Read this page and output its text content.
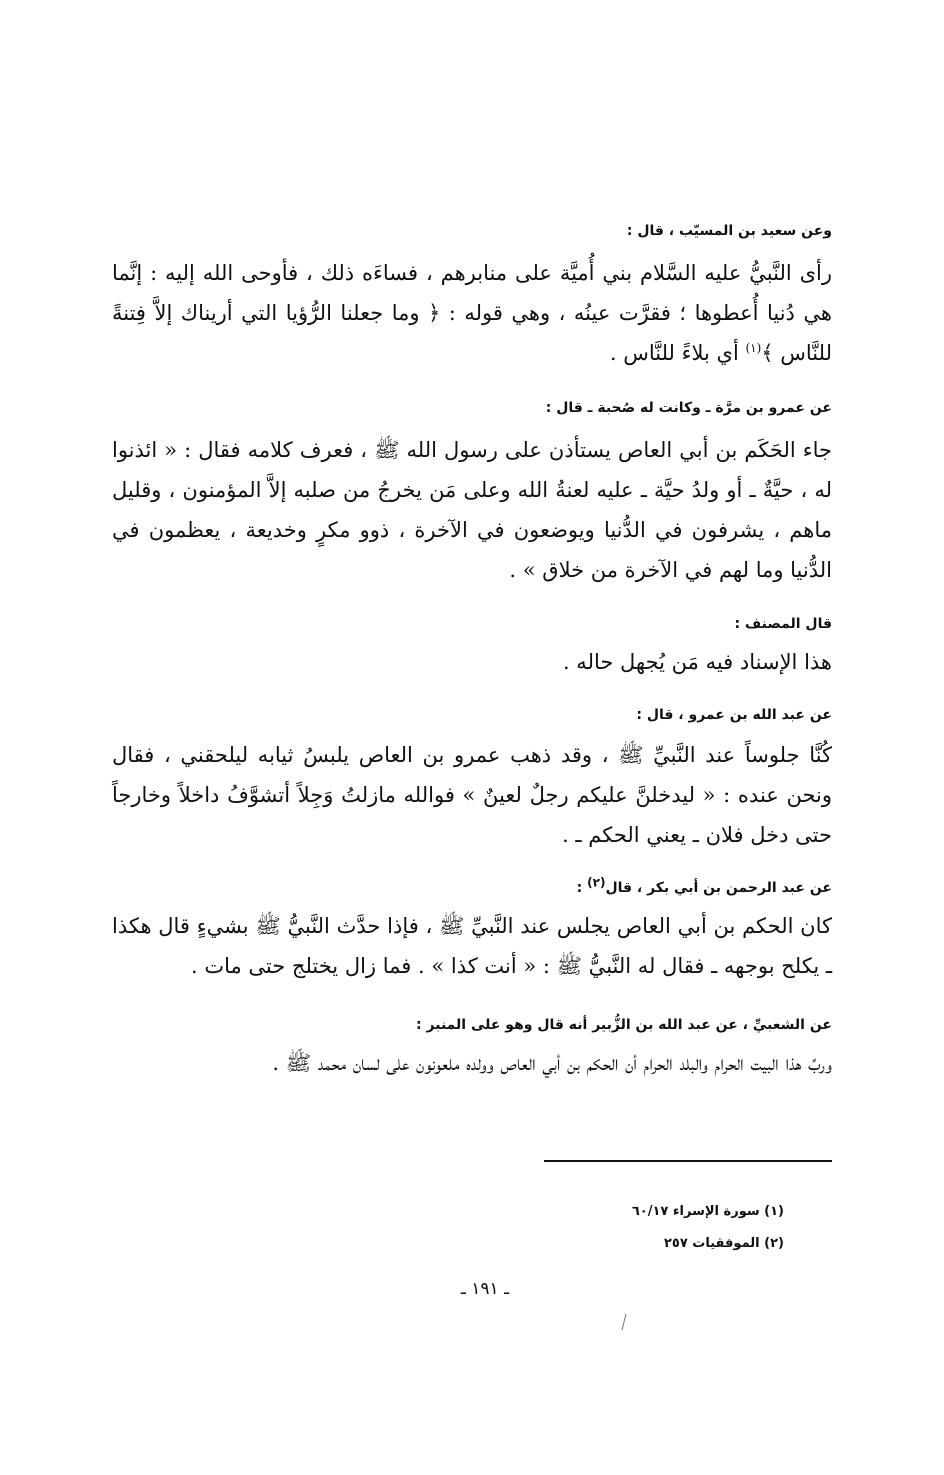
وعن سعيد بن المسيّب ، قال :

رأى النَّبيُّ عليه السَّلام بني أُميَّة على منابرهم ، فساءَه ذلك ، فأوحى الله إليه : إنَّما هي دُنيا أُعطوها ؛ فقرَّت عينُه ، وهي قوله : ﴿ وما جعلنا الرُّؤيا التي أريناك إلاَّ فِتنةً للنَّاس ﴾$^{(١)}$ أي بلاءً للنَّاس .

عن عمرو بن مرَّة ـ وكانت له صُحبة ـ قال :

جاء الحَكَم بن أبي العاص يستأذن على رسول الله ﷺ ، فعرف كلامه فقال : « ائذنوا له ، حيَّةٌ ـ أو ولدُ حيَّة ـ عليه لعنةُ الله وعلى مَن يخرجُ من صلبه إلاَّ المؤمنون ، وقليل ماهم ، يشرفون في الدُّنيا ويوضعون في الآخرة ، ذوو مكرٍ وخديعة ، يعظمون في الدُّنيا وما لهم في الآخرة من خلاق » .

قال المصنف :

هذا الإسناد فيه مَن يُجهل حاله .

عن عبد الله بن عمرو ، قال :

كُنَّا جلوساً عند النَّبيِّ ﷺ ، وقد ذهب عمرو بن العاص يلبسُ ثيابه ليلحقني ، فقال ونحن عنده : « ليدخلنَّ عليكم رجلٌ لعينٌ » فوالله مازلتُ وَجِلاً أتشوَّفُ داخلاً وخارجاً حتى دخل فلان ـ يعني الحكم ـ .

عن عبد الرحمن بن أبي بكر ، قال(٢) :

كان الحكم بن أبي العاص يجلس عند النَّبيِّ ﷺ ، فإذا حدَّث النَّبيُّ ﷺ بشيءٍ قال هكذا ـ يكلح بوجهه ـ فقال له النَّبيُّ ﷺ : « أنت كذا » . فما زال يختلج حتى مات .

عن الشعبيِّ ، عن عبد الله بن الزُّبير أنه قال وهو على المنبر :

وربِّ هذا البيت الحرام والبلد الحرام أن الحكم بن أبي العاص وولده ملعونون على لسان محمد ﷺ .

(١) سورة الإسراء ٦٠/١٧
(٢) الموفقيات ٢٥٧
ـ ١٩١ ـ
